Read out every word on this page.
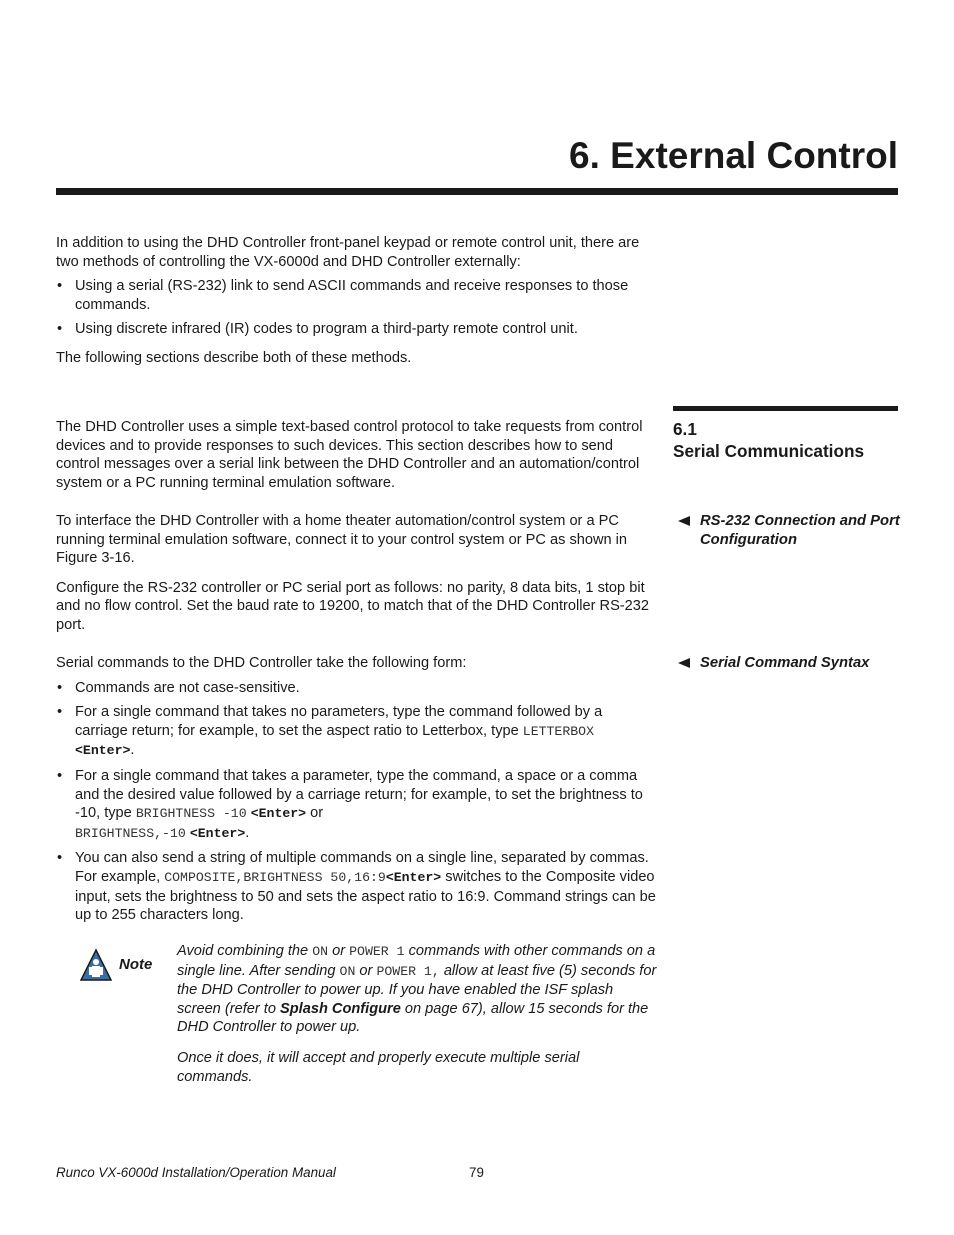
6. External Control

In addition to using the DHD Controller front-panel keypad or remote control unit, there are two methods of controlling the VX-6000d and DHD Controller externally:

• Using a serial (RS-232) link to send ASCII commands and receive responses to those commands.
• Using discrete infrared (IR) codes to program a third-party remote control unit.

The following sections describe both of these methods.

6.1

Serial Communications

The DHD Controller uses a simple text-based control protocol to take requests from control devices and to provide responses to such devices. This section describes how to send control messages over a serial link between the DHD Controller and an automation/control system or a PC running terminal emulation software.

RS-232 Connection and Port Configuration

To interface the DHD Controller with a home theater automation/control system or a PC running terminal emulation software, connect it to your control system or PC as shown in Figure 3-16.

Configure the RS-232 controller or PC serial port as follows: no parity, 8 data bits, 1 stop bit and no flow control. Set the baud rate to 19200, to match that of the DHD Controller RS-232 port.

Serial Command Syntax

Serial commands to the DHD Controller take the following form:

• Commands are not case-sensitive.
• For a single command that takes no parameters, type the command followed by a carriage return; for example, to set the aspect ratio to Letterbox, type LETTERBOX <Enter>.
• For a single command that takes a parameter, type the command, a space or a comma and the desired value followed by a carriage return; for example, to set the brightness to -10, type BRIGHTNESS -10 <Enter> or
BRIGHTNESS,-10 <Enter>.
• You can also send a string of multiple commands on a single line, separated by commas. For example, COMPOSITE,BRIGHTNESS 50,16:9<Enter> switches to the Composite video input, sets the brightness to 50 and sets the aspect ratio to 16:9. Command strings can be up to 255 characters long.
Note

Avoid combining the ON or POWER 1 commands with other commands on a single line. After sending ON or POWER 1, allow at least five (5) seconds for the DHD Controller to power up. If you have enabled the ISF splash screen (refer to Splash Configure on page 67), allow 15 seconds for the DHD Controller to power up.

Once it does, it will accept and properly execute multiple serial commands.

Runco VX-6000d Installation/Operation Manual	79
